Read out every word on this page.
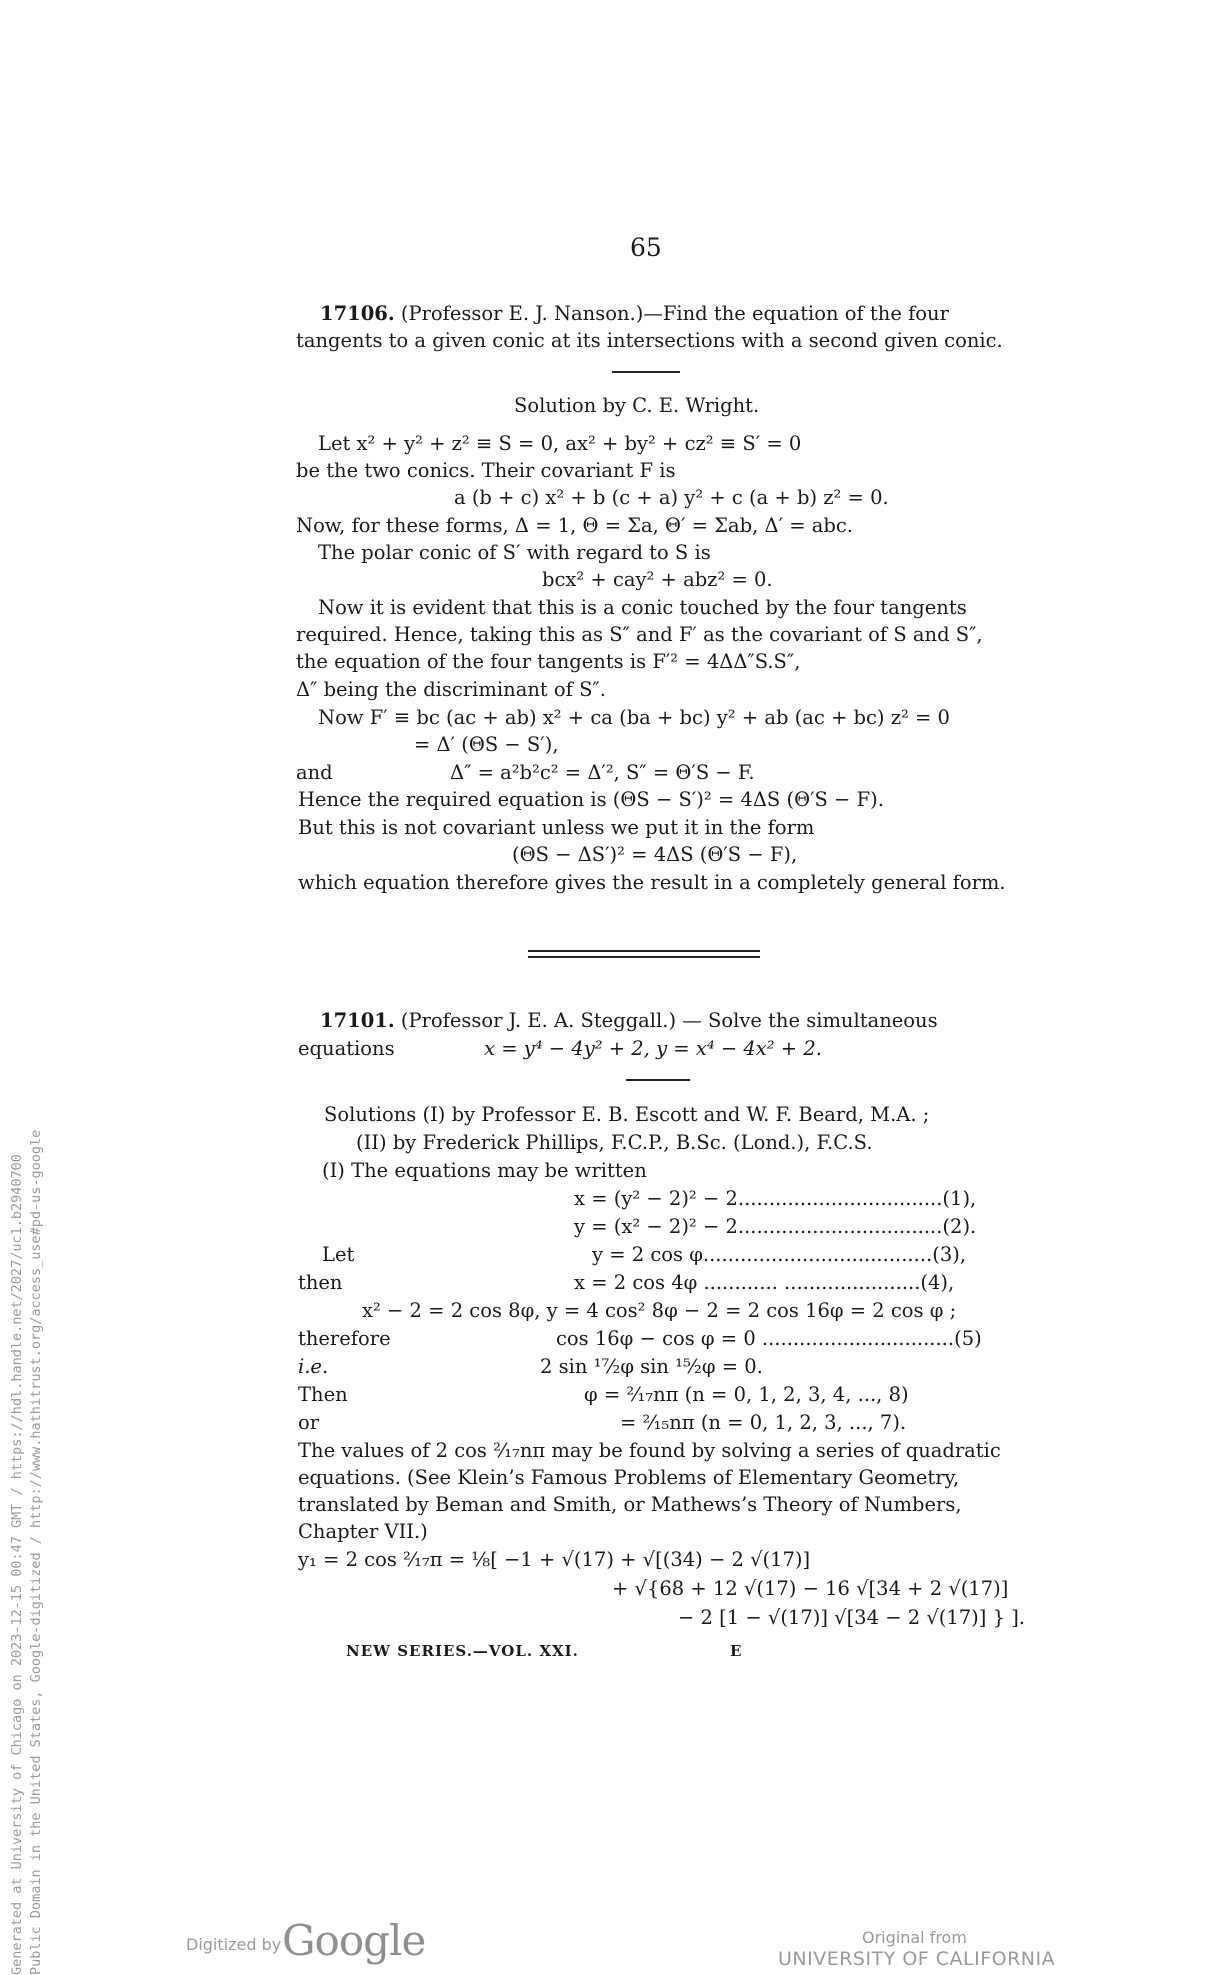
65
17106. (Professor E. J. Nanson.)—Find the equation of the four
tangents to a given conic at its intersections with a second given conic.
Solution by C. E. Wright.
Let x² + y² + z² ≡ S = 0, ax² + by² + cz² ≡ S′ = 0
be the two conics. Their covariant F is
a (b + c) x² + b (c + a) y² + c (a + b) z² = 0.
Now, for these forms, Δ = 1, Θ = Σa, Θ′ = Σab, Δ′ = abc.
The polar conic of S′ with regard to S is
bcx² + cay² + abz² = 0.
Now it is evident that this is a conic touched by the four tangents
required. Hence, taking this as S″ and F′ as the covariant of S and S″,
the equation of the four tangents is F′² = 4ΔΔ″S.S″,
Δ″ being the discriminant of S″.
Now F′ ≡ bc (ac + ab) x² + ca (ba + bc) y² + ab (ac + bc) z² = 0
= Δ′ (ΘS − S′),
and	Δ″ = a²b²c² = Δ′², S″ = Θ′S − F.
Hence the required equation is (ΘS − S′)² = 4ΔS (Θ′S − F).
But this is not covariant unless we put it in the form
(ΘS − ΔS′)² = 4ΔS (Θ′S − F),
which equation therefore gives the result in a completely general form.
17101. (Professor J. E. A. Steggall.) — Solve the simultaneous
equations	x = y⁴ − 4y² + 2, y = x⁴ − 4x² + 2.
Solutions (I) by Professor E. B. Escott and W. F. Beard, M.A. ;
(II) by Frederick Phillips, F.C.P., B.Sc. (Lond.), F.C.S.
(I) The equations may be written
x = (y² − 2)² − 2.................................(1),
y = (x² − 2)² − 2.................................(2).
Let	y = 2 cos φ.....................................(3),
then	x = 2 cos 4φ ............ ......................(4),
x² − 2 = 2 cos 8φ, y = 4 cos² 8φ − 2 = 2 cos 16φ = 2 cos φ ;
therefore	cos 16φ − cos φ = 0 ...............................(5)
i.e.	2 sin ¹⁷⁄₂φ sin ¹⁵⁄₂φ = 0.
Then	φ = ²⁄₁₇nπ (n = 0, 1, 2, 3, 4, ..., 8)
or	= ²⁄₁₅nπ (n = 0, 1, 2, 3, ..., 7).
The values of 2 cos ²⁄₁₇nπ may be found by solving a series of quadratic
equations. (See Klein’s Famous Problems of Elementary Geometry,
translated by Beman and Smith, or Mathews’s Theory of Numbers,
Chapter VII.)
y₁ = 2 cos ²⁄₁₇π = ⅛[ −1 + √(17) + √[(34) − 2 √(17)]
+ √{68 + 12 √(17) − 16 √[34 + 2 √(17)]
− 2 [1 − √(17)] √[34 − 2 √(17)] } ].
NEW SERIES.—VOL. XXI.	E
Generated at University of Chicago on 2023-12-15 00:47 GMT / https://hdl.handle.net/2027/uc1.b2940700 Public Domain in the United States, Google-digitized / http://www.hathitrust.org/access_use#pd-us-google	Digitized by Google	Original from
UNIVERSITY OF CALIFORNIA
